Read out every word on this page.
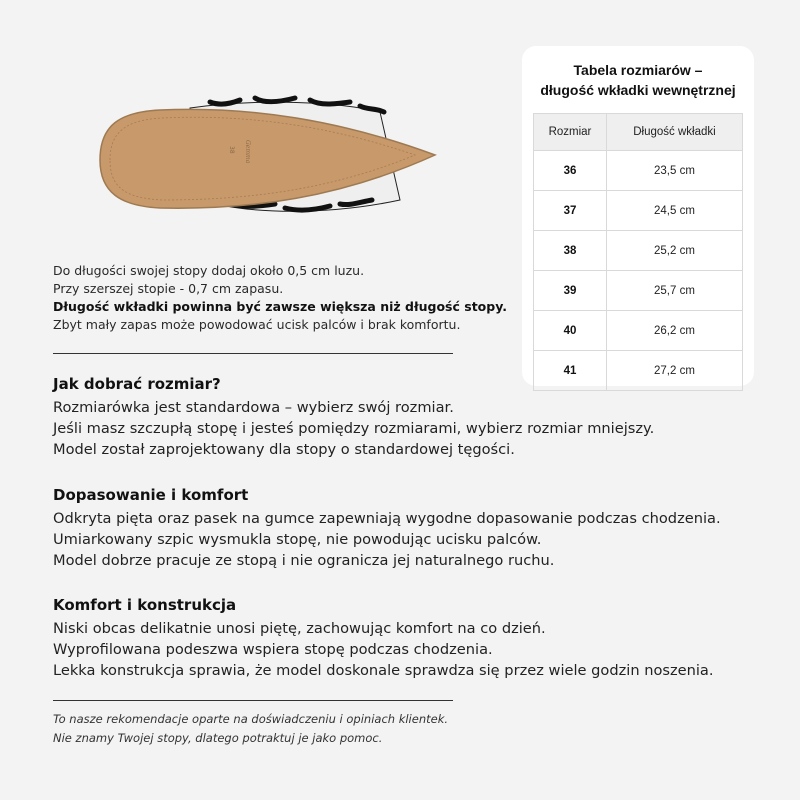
38 Gemma
Do długości swojej stopy dodaj około 0,5 cm luzu.
Przy szerszej stopie - 0,7 cm zapasu.
Długość wkładki powinna być zawsze większa niż długość stopy.
Zbyt mały zapas może powodować ucisk palców i brak komfortu.
Jak dobrać rozmiar?
Rozmiarówka jest standardowa – wybierz swój rozmiar.
Jeśli masz szczupłą stopę i jesteś pomiędzy rozmiarami, wybierz rozmiar mniejszy.
Model został zaprojektowany dla stopy o standardowej tęgości.
Dopasowanie i komfort
Odkryta pięta oraz pasek na gumce zapewniają wygodne dopasowanie podczas chodzenia.
Umiarkowany szpic wysmukla stopę, nie powodując ucisku palców.
Model dobrze pracuje ze stopą i nie ogranicza jej naturalnego ruchu.
Komfort i konstrukcja
Niski obcas delikatnie unosi piętę, zachowując komfort na co dzień.
Wyprofilowana podeszwa wspiera stopę podczas chodzenia.
Lekka konstrukcja sprawia, że model doskonale sprawdza się przez wiele godzin noszenia.
To nasze rekomendacje oparte na doświadczeniu i opiniach klientek.
Nie znamy Twojej stopy, dlatego potraktuj je jako pomoc.
Tabela rozmiarów –
długość wkładki wewnętrznej
Rozmiar	Długość wkładki
36	23,5 cm
37	24,5 cm
38	25,2 cm
39	25,7 cm
40	26,2 cm
41	27,2 cm
